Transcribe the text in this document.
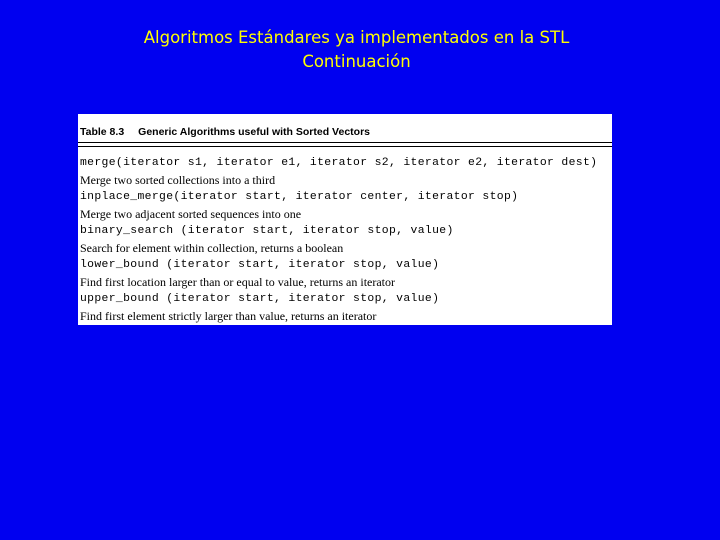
Algoritmos Estándares ya implementados en la STL
Continuación
Table 8.3 Generic Algorithms useful with Sorted Vectors
merge(iterator s1, iterator e1, iterator s2, iterator e2, iterator dest)
Merge two sorted collections into a third
inplace_merge(iterator start, iterator center, iterator stop)
Merge two adjacent sorted sequences into one
binary_search (iterator start, iterator stop, value)
Search for element within collection, returns a boolean
lower_bound (iterator start, iterator stop, value)
Find first location larger than or equal to value, returns an iterator
upper_bound (iterator start, iterator stop, value)
Find first element strictly larger than value, returns an iterator
